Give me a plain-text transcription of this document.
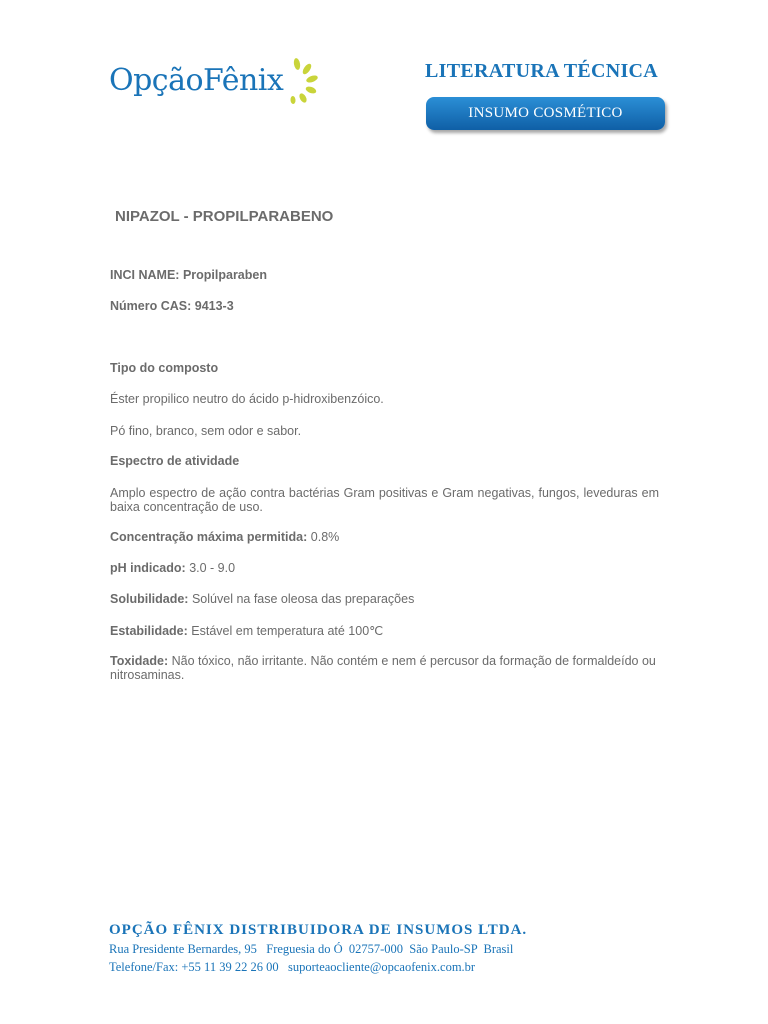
OpçãoFênix	LITERATURA TÉCNICA
INSUMO COSMÉTICO
NIPAZOL - PROPILPARABENO
INCI NAME: Propilparaben
Número CAS: 9413-3
Tipo do composto
Éster propilico neutro do ácido p-hidroxibenzóico.
Pó fino, branco, sem odor e sabor.
Espectro de atividade
Amplo espectro de ação contra bactérias Gram positivas e Gram negativas, fungos, leveduras em baixa concentração de uso.
Concentração máxima permitida: 0.8%
pH indicado: 3.0 - 9.0
Solubilidade: Solúvel na fase oleosa das preparações
Estabilidade: Estável em temperatura até 100℃
Toxidade: Não tóxico, não irritante. Não contém e nem é percusor da formação de formaldeído ou nitrosaminas.
OPÇÃO FÊNIX DISTRIBUIDORA DE INSUMOS LTDA.
Rua Presidente Bernardes, 95   Freguesia do Ó  02757-000  São Paulo-SP  Brasil
Telefone/Fax: +55 11 39 22 26 00   suporteaocliente@opcaofenix.com.br
